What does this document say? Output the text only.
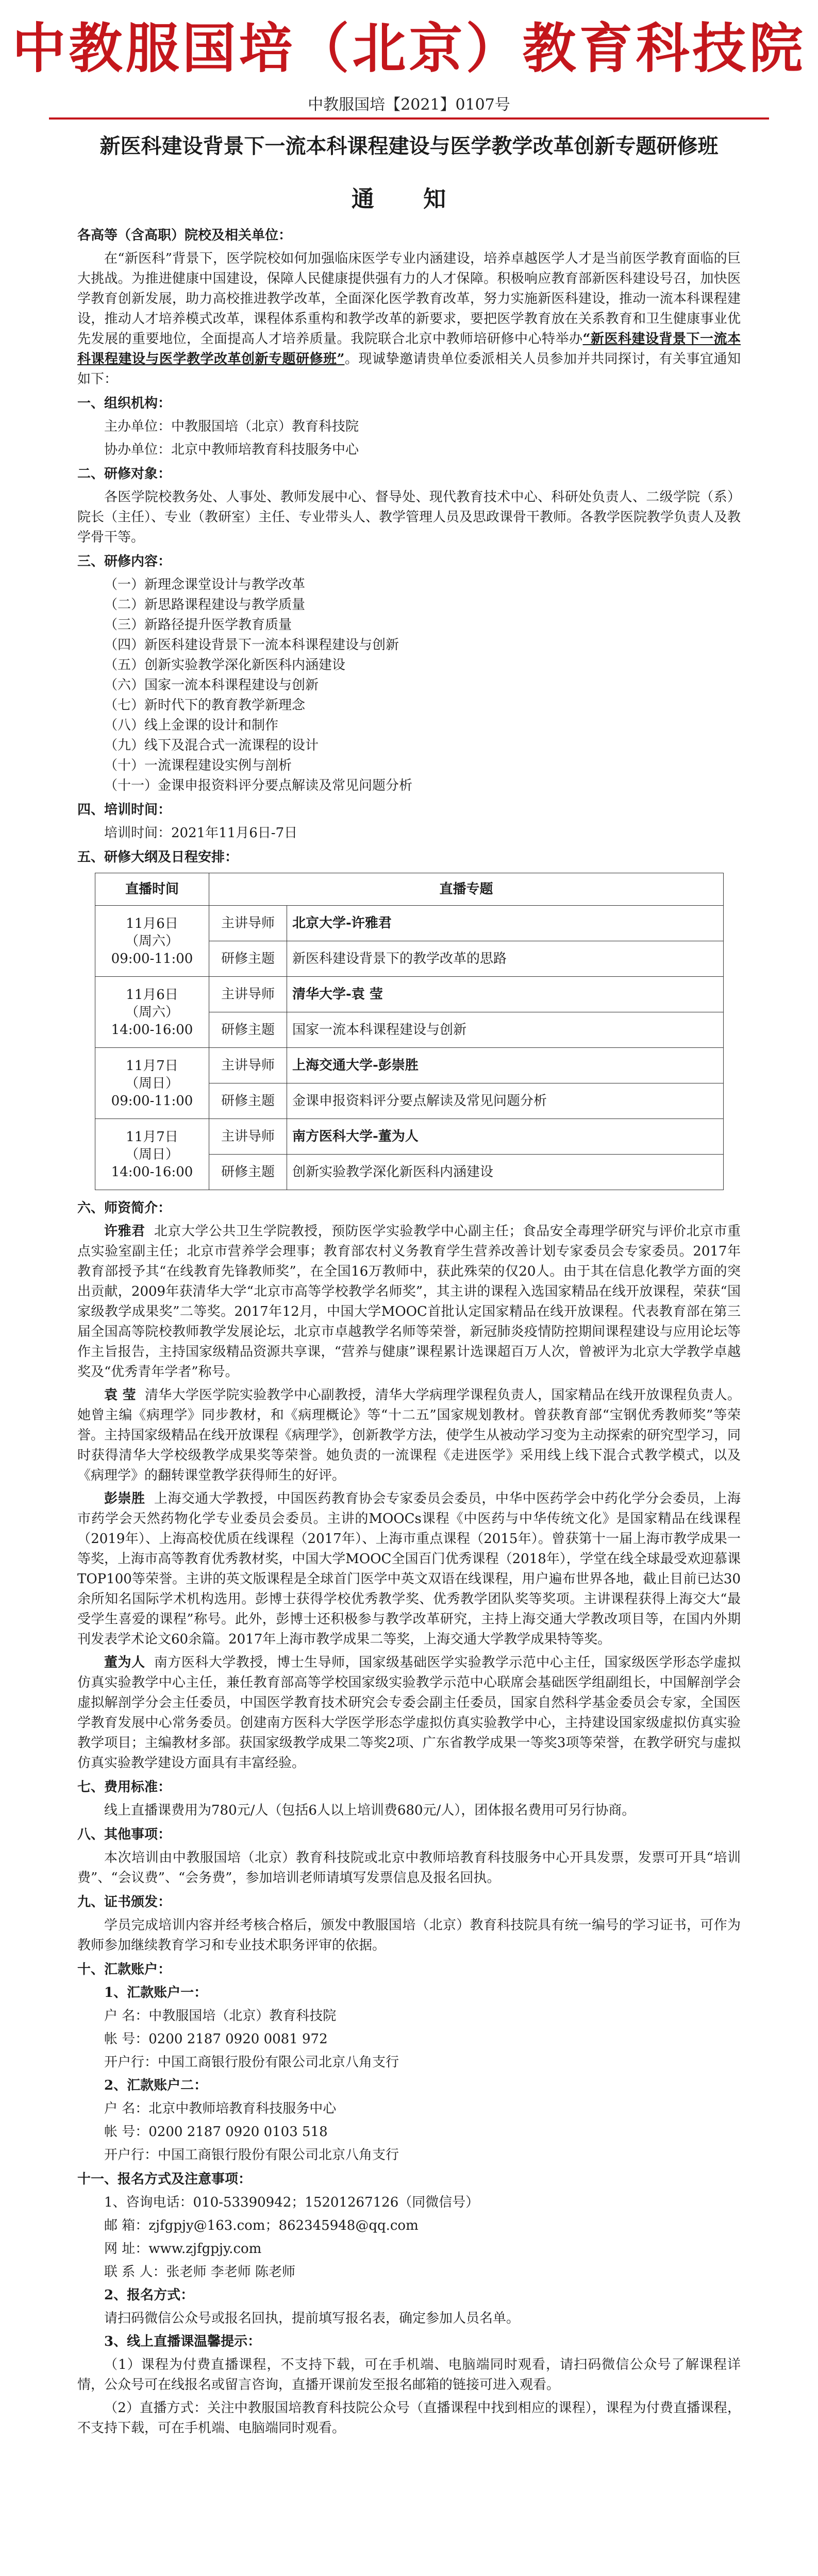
中教服国培（北京）教育科技院
中教服国培【2021】0107号
新医科建设背景下一流本科课程建设与医学教学改革创新专题研修班
通 知

各高等（含高职）院校及相关单位：

在“新医科”背景下，医学院校如何加强临床医学专业内涵建设，培养卓越医学人才是当前医学教育面临的巨大挑战。为推进健康中国建设，保障人民健康提供强有力的人才保障。积极响应教育部新医科建设号召，加快医学教育创新发展，助力高校推进教学改革，全面深化医学教育改革，努力实施新医科建设，推动一流本科课程建设，推动人才培养模式改革，课程体系重构和教学改革的新要求，要把医学教育放在关系教育和卫生健康事业优先发展的重要地位，全面提高人才培养质量。我院联合北京中教师培研修中心特举办“新医科建设背景下一流本科课程建设与医学教学改革创新专题研修班”。现诚挚邀请贵单位委派相关人员参加并共同探讨，有关事宜通知如下：

一、组织机构：

主办单位：中教服国培（北京）教育科技院

协办单位：北京中教师培教育科技服务中心

二、研修对象：

各医学院校教务处、人事处、教师发展中心、督导处、现代教育技术中心、科研处负责人、二级学院（系）院长（主任）、专业（教研室）主任、专业带头人、教学管理人员及思政课骨干教师。各教学医院教学负责人及教学骨干等。

三、研修内容：

（一）新理念课堂设计与教学改革
（二）新思路课程建设与教学质量
（三）新路径提升医学教育质量
（四）新医科建设背景下一流本科课程建设与创新
（五）创新实验教学深化新医科内涵建设
（六）国家一流本科课程建设与创新
（七）新时代下的教育教学新理念
（八）线上金课的设计和制作
（九）线下及混合式一流课程的设计
（十）一流课程建设实例与剖析
（十一）金课申报资料评分要点解读及常见问题分析

四、培训时间：

培训时间：2021年11月6日-7日

五、研修大纲及日程安排：

直播时间	直播专题	

11月6日
（周六）
09:00-11:00	主讲导师	北京大学-许雅君
	研修主题	新医科建设背景下的教学改革的思路

11月6日
（周六）
14:00-16:00	主讲导师	清华大学-袁 莹
	研修主题	国家一流本科课程建设与创新

11月7日
（周日）
09:00-11:00	主讲导师	上海交通大学-彭崇胜
	研修主题	金课申报资料评分要点解读及常见问题分析

11月7日
（周日）
14:00-16:00	主讲导师	南方医科大学-董为人
	研修主题	创新实验教学深化新医科内涵建设

六、师资简介：

许雅君 北京大学公共卫生学院教授，预防医学实验教学中心副主任；食品安全毒理学研究与评价北京市重点实验室副主任；北京市营养学会理事；教育部农村义务教育学生营养改善计划专家委员会专家委员。2017年教育部授予其“在线教育先锋教师奖”，在全国16万教师中，获此殊荣的仅20人。由于其在信息化教学方面的突出贡献，2009年获清华大学“北京市高等学校教学名师奖”，其主讲的课程入选国家精品在线开放课程，荣获“国家级教学成果奖”二等奖。2017年12月，中国大学MOOC首批认定国家精品在线开放课程。代表教育部在第三届全国高等院校教师教学发展论坛，北京市卓越教学名师等荣誉，新冠肺炎疫情防控期间课程建设与应用论坛等作主旨报告，主持国家级精品资源共享课，“营养与健康”课程累计选课超百万人次，曾被评为北京大学教学卓越奖及“优秀青年学者”称号。

袁 莹 清华大学医学院实验教学中心副教授，清华大学病理学课程负责人，国家精品在线开放课程负责人。她曾主编《病理学》同步教材，和《病理概论》等“十二五”国家规划教材。曾获教育部“宝钢优秀教师奖”等荣誉。主持国家级精品在线开放课程《病理学》，创新教学方法，使学生从被动学习变为主动探索的研究型学习，同时获得清华大学校级教学成果奖等荣誉。她负责的一流课程《走进医学》采用线上线下混合式教学模式，以及《病理学》的翻转课堂教学获得师生的好评。

彭崇胜 上海交通大学教授，中国医药教育协会专家委员会委员，中华中医药学会中药化学分会委员，上海市药学会天然药物化学专业委员会委员。主讲的MOOCs课程《中医药与中华传统文化》是国家精品在线课程（2019年）、上海高校优质在线课程（2017年）、上海市重点课程（2015年）。曾获第十一届上海市教学成果一等奖，上海市高等教育优秀教材奖，中国大学MOOC全国百门优秀课程（2018年），学堂在线全球最受欢迎慕课TOP100等荣誉。主讲的英文版课程是全球首门医学中英文双语在线课程，用户遍布世界各地，截止目前已达30余所知名国际学术机构选用。彭博士获得学校优秀教学奖、优秀教学团队奖等奖项。主讲课程获得上海交大“最受学生喜爱的课程”称号。此外，彭博士还积极参与教学改革研究，主持上海交通大学教改项目等，在国内外期刊发表学术论文60余篇。2017年上海市教学成果二等奖，上海交通大学教学成果特等奖。

董为人 南方医科大学教授，博士生导师，国家级基础医学实验教学示范中心主任，国家级医学形态学虚拟仿真实验教学中心主任，兼任教育部高等学校国家级实验教学示范中心联席会基础医学组副组长，中国解剖学会虚拟解剖学分会主任委员，中国医学教育技术研究会专委会副主任委员，国家自然科学基金委员会专家，全国医学教育发展中心常务委员。创建南方医科大学医学形态学虚拟仿真实验教学中心，主持建设国家级虚拟仿真实验教学项目；主编教材多部。获国家级教学成果二等奖2项、广东省教学成果一等奖3项等荣誉，在教学研究与虚拟仿真实验教学建设方面具有丰富经验。

七、费用标准：

线上直播课费用为780元/人（包括6人以上培训费680元/人），团体报名费用可另行协商。

八、其他事项：

本次培训由中教服国培（北京）教育科技院或北京中教师培教育科技服务中心开具发票，发票可开具“培训费”、“会议费”、“会务费”，参加培训老师请填写发票信息及报名回执。

九、证书颁发：

学员完成培训内容并经考核合格后，颁发中教服国培（北京）教育科技院具有统一编号的学习证书，可作为教师参加继续教育学习和专业技术职务评审的依据。

十、汇款账户：

1、汇款账户一：

户 名：中教服国培（北京）教育科技院

帐 号：0200 2187 0920 0081 972

开户行：中国工商银行股份有限公司北京八角支行

2、汇款账户二：

户 名：北京中教师培教育科技服务中心

帐 号：0200 2187 0920 0103 518

开户行：中国工商银行股份有限公司北京八角支行

十一、报名方式及注意事项：

1、咨询电话：010-53390942；15201267126（同微信号）

邮 箱：zjfgpjy@163.com；862345948@qq.com

网 址：www.zjfgpjy.com

联 系 人：张老师 李老师 陈老师

2、报名方式：

请扫码微信公众号或报名回执，提前填写报名表，确定参加人员名单。

3、线上直播课温馨提示：

（1）课程为付费直播课程，不支持下载，可在手机端、电脑端同时观看，请扫码微信公众号了解课程详情，公众号可在线报名或留言咨询，直播开课前发至报名邮箱的链接可进入观看。

（2）直播方式：关注中教服国培教育科技院公众号（直播课程中找到相应的课程），课程为付费直播课程，不支持下载，可在手机端、电脑端同时观看。
